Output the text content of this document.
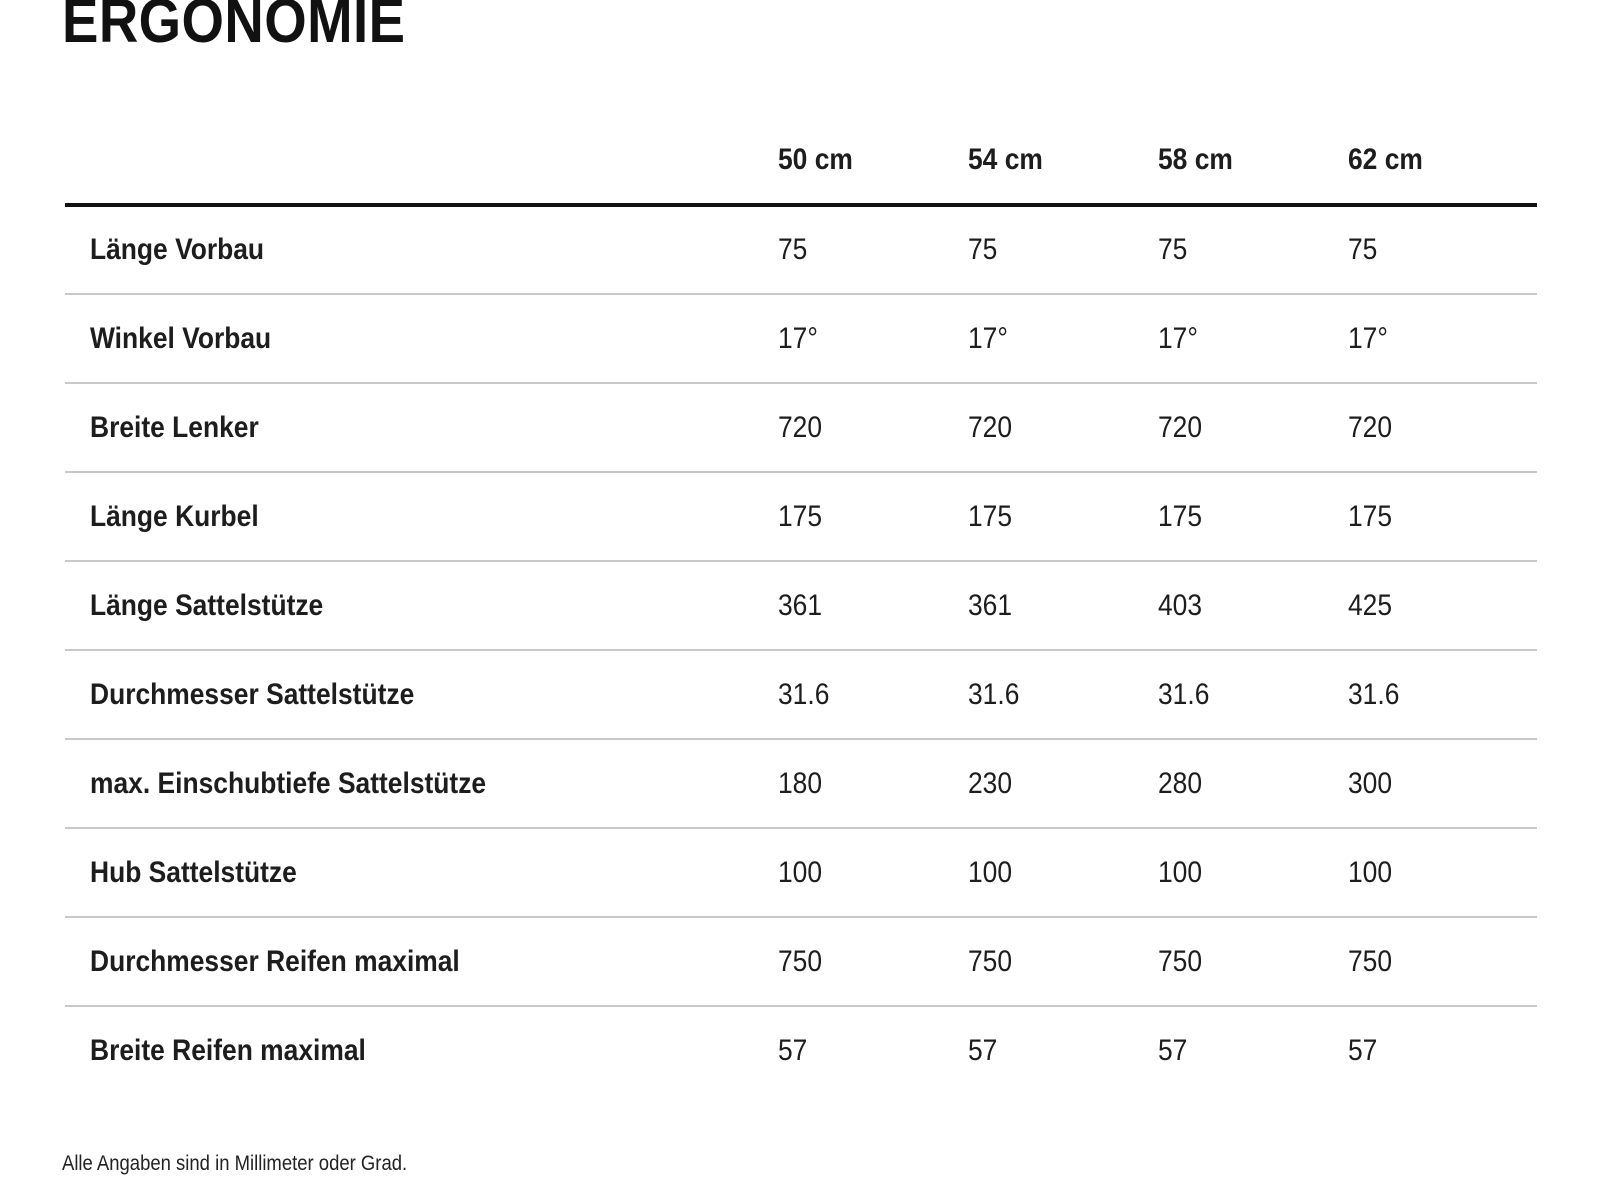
ERGONOMIE
	50 cm	54 cm	58 cm	62 cm
Länge Vorbau	75	75	75	75
Winkel Vorbau	17°	17°	17°	17°
Breite Lenker	720	720	720	720
Länge Kurbel	175	175	175	175
Länge Sattelstütze	361	361	403	425
Durchmesser Sattelstütze	31.6	31.6	31.6	31.6
max. Einschubtiefe Sattelstütze	180	230	280	300
Hub Sattelstütze	100	100	100	100
Durchmesser Reifen maximal	750	750	750	750
Breite Reifen maximal	57	57	57	57
Alle Angaben sind in Millimeter oder Grad.
